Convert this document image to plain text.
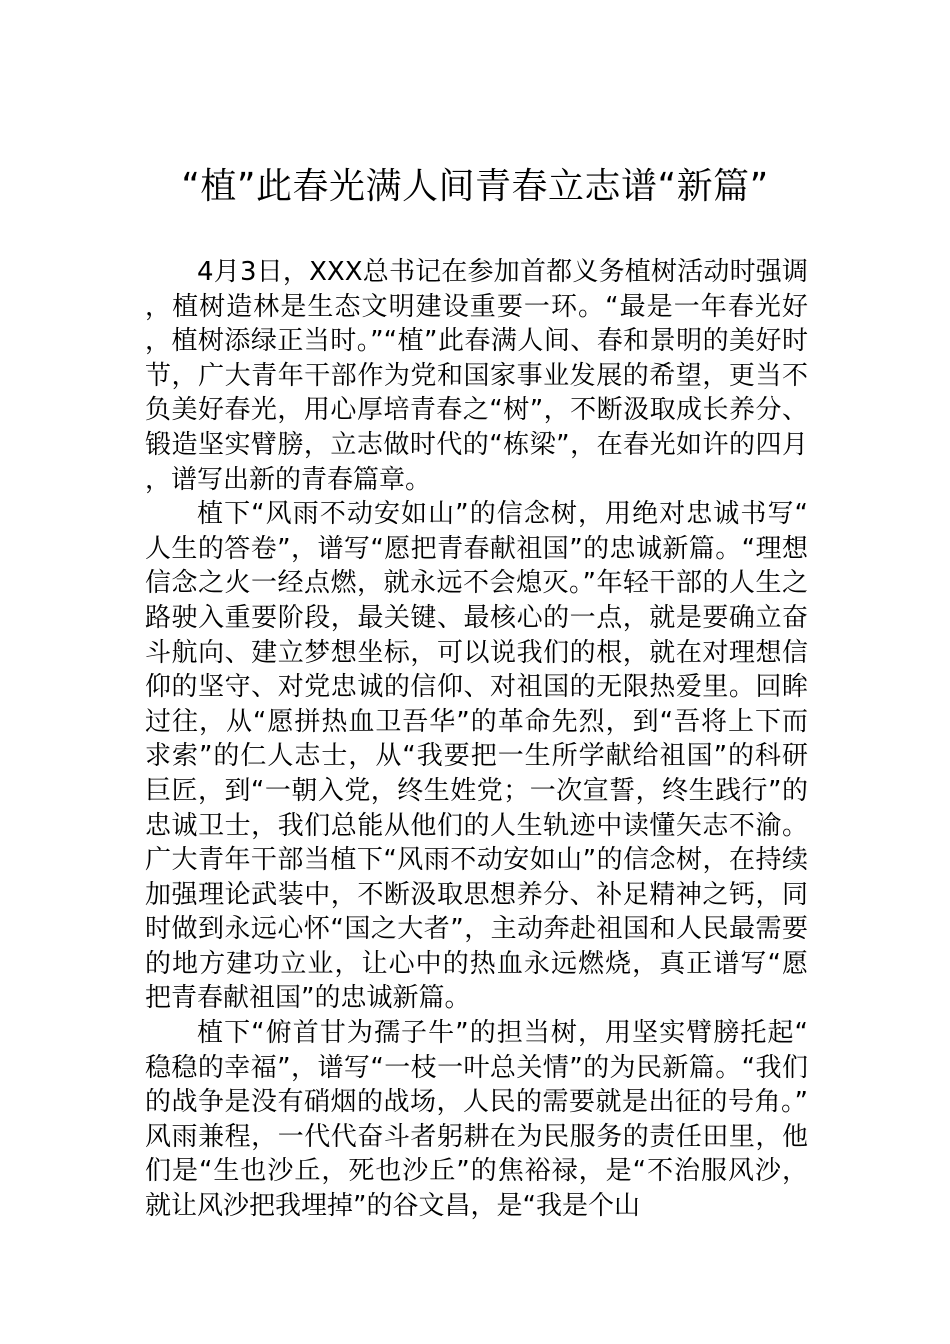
“植”此春光满人间青春立志谱“新篇”

4月3日，XXX总书记在参加首都义务植树活动时强调，植树造林是生态文明建设重要一环。“最是一年春光好，植树添绿正当时。”“植”此春满人间、春和景明的美好时节，广大青年干部作为党和国家事业发展的希望，更当不负美好春光，用心厚培青春之“树”，不断汲取成长养分、锻造坚实臂膀，立志做时代的“栋梁”，在春光如许的四月，谱写出新的青春篇章。

植下“风雨不动安如山”的信念树，用绝对忠诚书写“人生的答卷”，谱写“愿把青春献祖国”的忠诚新篇。“理想信念之火一经点燃，就永远不会熄灭。”年轻干部的人生之路驶入重要阶段，最关键、最核心的一点，就是要确立奋斗航向、建立梦想坐标，可以说我们的根，就在对理想信仰的坚守、对党忠诚的信仰、对祖国的无限热爱里。回眸过往，从“愿拼热血卫吾华”的革命先烈，到“吾将上下而求索”的仁人志士，从“我要把一生所学献给祖国”的科研巨匠，到“一朝入党，终生姓党；一次宣誓，终生践行”的忠诚卫士，我们总能从他们的人生轨迹中读懂矢志不渝。广大青年干部当植下“风雨不动安如山”的信念树，在持续加强理论武装中，不断汲取思想养分、补足精神之钙，同时做到永远心怀“国之大者”，主动奔赴祖国和人民最需要的地方建功立业，让心中的热血永远燃烧，真正谱写“愿把青春献祖国”的忠诚新篇。

植下“俯首甘为孺子牛”的担当树，用坚实臂膀托起“稳稳的幸福”，谱写“一枝一叶总关情”的为民新篇。“我们的战争是没有硝烟的战场，人民的需要就是出征的号角。”风雨兼程，一代代奋斗者躬耕在为民服务的责任田里，他们是“生也沙丘，死也沙丘”的焦裕禄，是“不治服风沙，就让风沙把我埋掉”的谷文昌，是“我是个山
